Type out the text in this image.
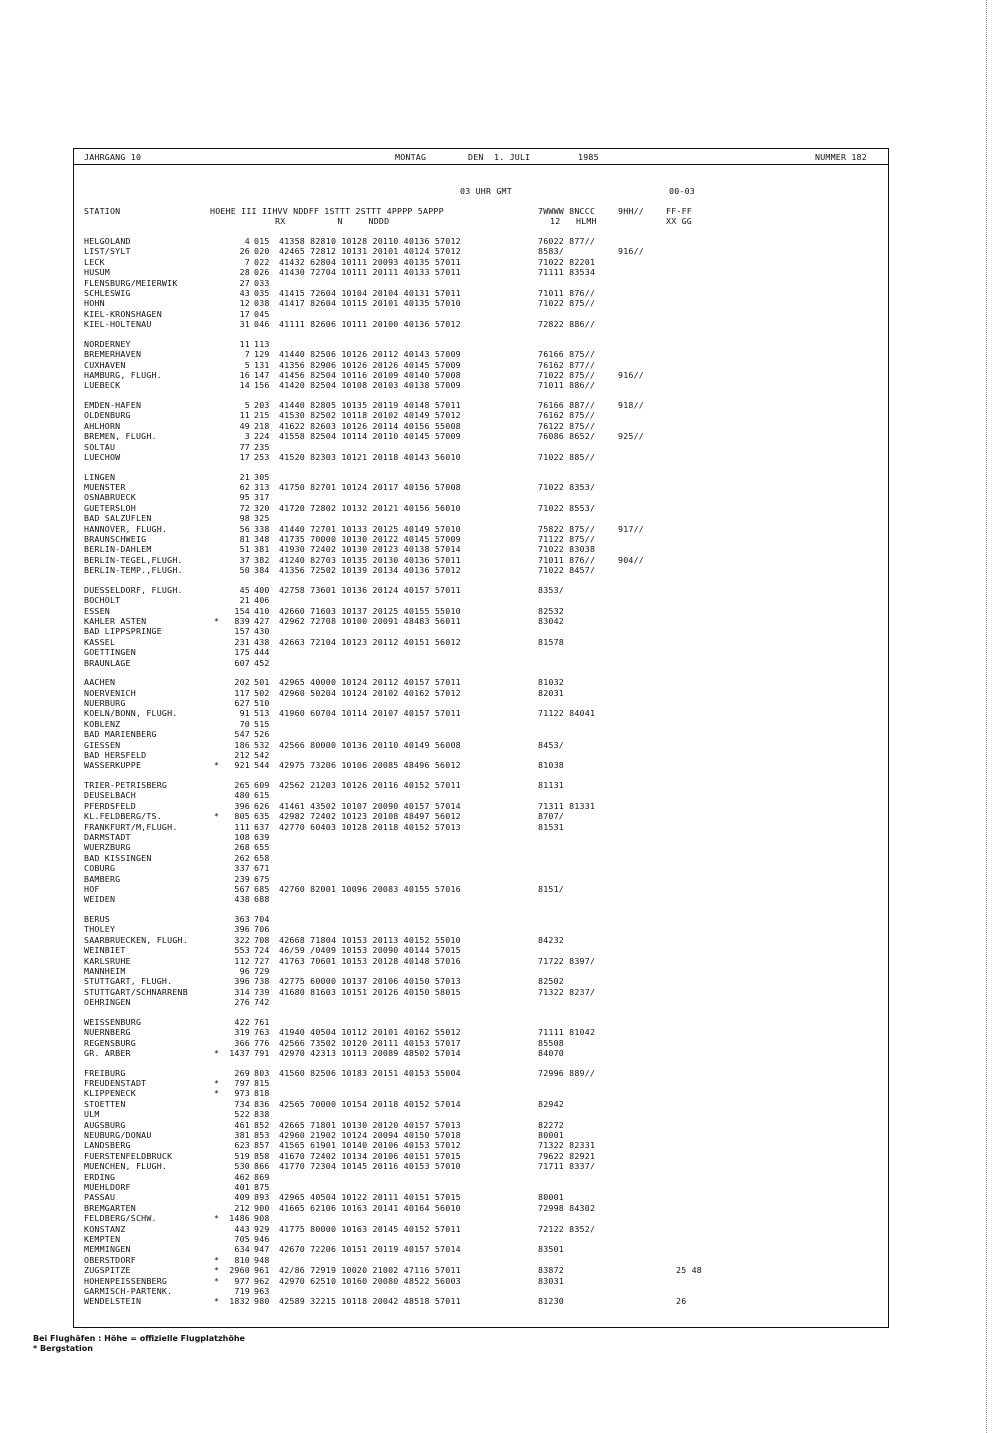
JAHRGANG 10	MONTAG	DEN 1. JULI	1985	NUMMER 182
03 UHR GMT	00-03
STATION	HOEHE III IIHVV NDDFF 1STTT 2STTT 4PPPP 5APPP
RX          N     NDDD
7WWWW 8NCCC
12   HLMH
9HH//	FF-FF
XX GG
HELGOLAND	4 015 41358 82810 10128 20110 40136 57012	76022 877//
LIST/SYLT	26 020 42465 72812 10131 20101 40124 57012	8583/	916//
LECK	7 022 41432 62804 10111 20093 40135 57011	71022 82201
HUSUM	28 026 41430 72704 10111 20111 40133 57011	71111 83534
FLENSBURG/MEIERWIK	27 033
SCHLESWIG	43 035 41415 72604 10104 20104 40131 57011	71011 876//
HOHN	12 038 41417 82604 10115 20101 40135 57010	71022 875//
KIEL-KRONSHAGEN	17 045
KIEL-HOLTENAU	31 046 41111 82606 10111 20100 40136 57012	72822 886//
NORDERNEY	11 113
BREMERHAVEN	7 129 41440 82506 10126 20112 40143 57009	76166 875//
CUXHAVEN	5 131 41356 82906 10126 20126 40145 57009	76162 877//
HAMBURG, FLUGH.	16 147 41456 82504 10116 20109 40140 57008	71022 875//	916//
LUEBECK	14 156 41420 82504 10108 20103 40138 57009	71011 886//
EMDEN-HAFEN	5 203 41440 82805 10135 20119 40148 57011	76166 887//	918//
OLDENBURG	11 215 41530 82502 10118 20102 40149 57012	76162 875//
AHLHORN	49 218 41622 82603 10126 20114 40156 55008	76122 875//
BREMEN, FLUGH.	3 224 41558 82504 10114 20110 40145 57009	76086 8652/	925//
SOLTAU	77 235
LUECHOW	17 253 41520 82303 10121 20118 40143 56010	71022 885//
LINGEN	21 305
MUENSTER	62 313 41750 82701 10124 20117 40156 57008	71022 8353/
OSNABRUECK	95 317
GUETERSLOH	72 320 41720 72802 10132 20121 40156 56010	71022 8553/
BAD SALZUFLEN	98 325
HANNOVER, FLUGH.	56 338 41440 72701 10133 20125 40149 57010	75822 875//	917//
BRAUNSCHWEIG	81 348 41735 70000 10130 20122 40145 57009	71122 875//
BERLIN-DAHLEM	51 381 41930 72402 10130 20123 40138 57014	71022 83038
BERLIN-TEGEL,FLUGH.	37 382 41240 82703 10135 20130 40136 57011	71011 876//	904//
BERLIN-TEMP.,FLUGH.	50 384 41356 72502 10139 20134 40136 57012	71022 8457/
DUESSELDORF, FLUGH.	45 400 42758 73601 10136 20124 40157 57011	8353/
BOCHOLT	21 406
ESSEN	154 410 42660 71603 10137 20125 40155 55010	82532
KAHLER ASTEN	*	839 427 42962 72708 10100 20091 48483 56011	83042
BAD LIPPSPRINGE	157 430
KASSEL	231 438 42663 72104 10123 20112 40151 56012	81578
GOETTINGEN	175 444
BRAUNLAGE	607 452
AACHEN	202 501 42965 40000 10124 20112 40157 57011	81032
NOERVENICH	117 502 42960 50204 10124 20102 40162 57012	82031
NUERBURG	627 510
KOELN/BONN, FLUGH.	91 513 41960 60704 10114 20107 40157 57011	71122 84041
KOBLENZ	70 515
BAD MARIENBERG	547 526
GIESSEN	186 532 42566 80000 10136 20110 40149 56008	8453/
BAD HERSFELD	212 542
WASSERKUPPE	*	921 544 42975 73206 10106 20085 48496 56012	81038
TRIER-PETRISBERG	265 609 42562 21203 10126 20116 40152 57011	81131
DEUSELBACH	480 615
PFERDSFELD	396 626 41461 43502 10107 20090 40157 57014	71311 81331
KL.FELDBERG/TS.	*	805 635 42982 72402 10123 20108 48497 56012	8707/
FRANKFURT/M,FLUGH.	111 637 42770 60403 10128 20118 40152 57013	81531
DARMSTADT	108 639
WUERZBURG	268 655
BAD KISSINGEN	262 658
COBURG	337 671
BAMBERG	239 675
HOF	567 685 42760 82001 10096 20083 40155 57016	8151/
WEIDEN	438 688
BERUS	363 704
THOLEY	396 706
SAARBRUECKEN, FLUGH.	322 708 42668 71804 10153 20113 40152 55010	84232
WEINBIET	553 724 46/59 /0409 10153 20090 40144 57015
KARLSRUHE	112 727 41763 70601 10153 20128 40148 57016	71722 8397/
MANNHEIM	96 729
STUTTGART, FLUGH.	396 738 42775 60000 10137 20106 40150 57013	82502
STUTTGART/SCHNARRENB	314 739 41680 81603 10151 20126 40150 58015	71322 8237/
OEHRINGEN	276 742
WEISSENBURG	422 761
NUERNBERG	319 763 41940 40504 10112 20101 40162 55012	71111 81042
REGENSBURG	366 776 42566 73502 10120 20111 40153 57017	85508
GR. ARBER	*	1437 791 42970 42313 10113 20089 48502 57014	84070
FREIBURG	269 803 41560 82506 10183 20151 40153 55004	72996 889//
FREUDENSTADT	*	797 815
KLIPPENECK	*	973 818
STOETTEN	734 836 42565 70000 10154 20118 40152 57014	82942
ULM	522 838
AUGSBURG	461 852 42665 71801 10130 20120 40157 57013	82272
NEUBURG/DONAU	381 853 42960 21902 10124 20094 40150 57018	80001
LANDSBERG	623 857 41565 61901 10140 20106 40153 57012	71322 82331
FUERSTENFELDBRUCK	519 858 41670 72402 10134 20106 40151 57015	79622 82921
MUENCHEN, FLUGH.	530 866 41770 72304 10145 20116 40153 57010	71711 8337/
ERDING	462 869
MUEHLDORF	401 875
PASSAU	409 893 42965 40504 10122 20111 40151 57015	80001
BREMGARTEN	212 900 41665 62106 10163 20141 40164 56010	72998 84302
FELDBERG/SCHW.	*	1486 908
KONSTANZ	443 929 41775 80000 10163 20145 40152 57011	72122 8352/
KEMPTEN	705 946
MEMMINGEN	634 947 42670 72206 10151 20119 40157 57014	83501
OBERSTDORF	*	810 948
ZUGSPITZE	*	2960 961 42/86 72919 10020 21002 47116 57011	83872	25 48
HOHENPEISSENBERG	*	977 962 42970 62510 10160 20080 48522 56003	83031
GARMISCH-PARTENK.	719 963
WENDELSTEIN	*	1832 980 42589 32215 10118 20042 48518 57011	81230	26
Bei Flughäfen : Höhe = offizielle Flugplatzhöhe
* Bergstation
